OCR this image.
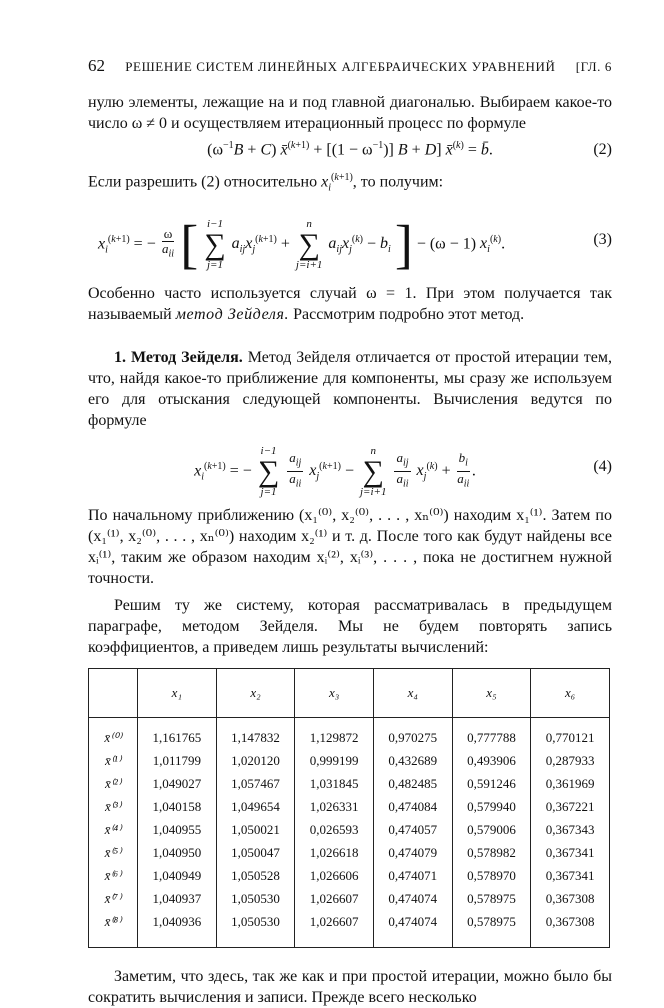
62 РЕШЕНИЕ СИСТЕМ ЛИНЕЙНЫХ АЛГЕБРАИЧЕСКИХ УРАВНЕНИЙ [ГЛ. 6

нулю элементы, лежащие на и под главной диагональю. Выбираем какое-то число ω ≠ 0 и осуществляем итерационный процесс по формуле

$(\omega^{-1}B + C)$ x̄$^{(k+1)}$ + $[(1 - \omega^{-1})]$ B + D] x̄$^{(k)}$ = b̄.	(2)

Если разрешить (2) относительно $x_i^{(k+1)}$, то получим:

$x_i^{(k+1)}$ = − $\frac{\omega}{a_{ii}}$ [ i−1
∑
j=1
$a_{ij}x_j^{(k+1)}$ +
n
∑
j=i+1
$a_{ij}x_j^{(k)} - b_i$ ] − (ω − 1) $x_i^{(k)}$.	(3)

Особенно часто используется случай ω = 1. При этом получается так называемый метод Зейделя. Рассмотрим подробно этот метод.

1. Метод Зейделя. Метод Зейделя отличается от простой итерации тем, что, найдя какое-то приближение для компоненты, мы сразу же используем его для отыскания следующей компоненты. Вычисления ведутся по формуле

$x_i^{(k+1)}$ = −
i−1
∑
j=1
$\frac{a_{ij}}{a_{ii}} x_j^{(k+1)}$ −
n
∑
j=i+1
$\frac{a_{ij}}{a_{ii}} x_j^{(k)} + \frac{b_i}{a_{ii}}$ .	(4)

По начальному приближению (x₁⁽⁰⁾, x₂⁽⁰⁾, . . . , xₙ⁽⁰⁾) находим x₁⁽¹⁾. Затем по (x₁⁽¹⁾, x₂⁽⁰⁾, . . . , xₙ⁽⁰⁾) находим x₂⁽¹⁾ и т. д. После того как будут найдены все xᵢ⁽¹⁾, таким же образом находим xᵢ⁽²⁾, xᵢ⁽³⁾, . . . , пока не достигнем нужной точности.

Решим ту же систему, которая рассматривалась в предыдущем параграфе, методом Зейделя. Мы не будем повторять запись коэффициентов, а приведем лишь результаты вычислений:

	x₁	x₂	x₃	x₄	x₅	x₆
x̄⁽⁰⁾	1,161765	1,147832	1,129872	0,970275	0,777788	0,770121
x̄⁽¹⁾	1,011799	1,020120	0,999199	0,432689	0,493906	0,287933
x̄⁽²⁾	1,049027	1,057467	1,031845	0,482485	0,591246	0,361969
x̄⁽³⁾	1,040158	1,049654	1,026331	0,474084	0,579940	0,367221
x̄⁽⁴⁾	1,040955	1,050021	0,026593	0,474057	0,579006	0,367343
x̄⁽⁵⁾	1,040950	1,050047	1,026618	0,474079	0,578982	0,367341
x̄⁽⁶⁾	1,040949	1,050528	1,026606	0,474071	0,578970	0,367341
x̄⁽⁷⁾	1,040937	1,050530	1,026607	0,474074	0,578975	0,367308
x̄⁽⁸⁾	1,040936	1,050530	1,026607	0,474074	0,578975	0,367308

Заметим, что здесь, так же как и при простой итерации, можно было бы сократить вычисления и записи. Прежде всего несколько
